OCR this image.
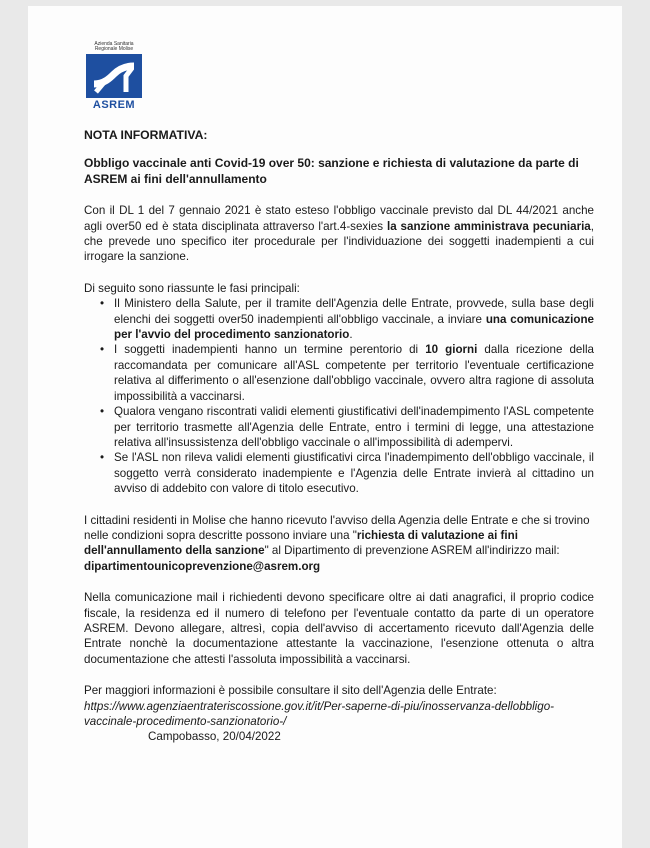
Azienda Sanitaria
Regionale Molise
ASREM

NOTA INFORMATIVA:

Obbligo vaccinale anti Covid-19 over 50: sanzione e richiesta di valutazione da parte di ASREM ai fini dell'annullamento

Con il DL 1 del 7 gennaio 2021 è stato esteso l'obbligo vaccinale previsto dal DL 44/2021 anche agli over50 ed è stata disciplinata attraverso l'art.4-sexies la sanzione amministrava pecuniaria, che prevede uno specifico iter procedurale per l'individuazione dei soggetti inadempienti a cui irrogare la sanzione.

Di seguito sono riassunte le fasi principali:

• Il Ministero della Salute, per il tramite dell'Agenzia delle Entrate, provvede, sulla base degli elenchi dei soggetti over50 inadempienti all'obbligo vaccinale, a inviare una comunicazione per l'avvio del procedimento sanzionatorio.
• I soggetti inadempienti hanno un termine perentorio di 10 giorni dalla ricezione della raccomandata per comunicare all'ASL competente per territorio l'eventuale certificazione relativa al differimento o all'esenzione dall'obbligo vaccinale, ovvero altra ragione di assoluta impossibilità a vaccinarsi.
• Qualora vengano riscontrati validi elementi giustificativi dell'inadempimento l'ASL competente per territorio trasmette all'Agenzia delle Entrate, entro i termini di legge, una attestazione relativa all'insussistenza dell'obbligo vaccinale o all'impossibilità di adempervi.
• Se l'ASL non rileva validi elementi giustificativi circa l'inadempimento dell'obbligo vaccinale, il soggetto verrà considerato inadempiente e l'Agenzia delle Entrate invierà al cittadino un avviso di addebito con valore di titolo esecutivo.

I cittadini residenti in Molise che hanno ricevuto l'avviso della Agenzia delle Entrate e che si trovino nelle condizioni sopra descritte possono inviare una "richiesta di valutazione ai fini dell'annullamento della sanzione" al Dipartimento di prevenzione ASREM all'indirizzo mail: dipartimentounicoprevenzione@asrem.org

Nella comunicazione mail i richiedenti devono specificare oltre ai dati anagrafici, il proprio codice fiscale, la residenza ed il numero di telefono per l'eventuale contatto da parte di un operatore ASREM. Devono allegare, altresì, copia dell'avviso di accertamento ricevuto dall'Agenzia delle Entrate nonchè la documentazione attestante la vaccinazione, l'esenzione ottenuta o altra documentazione che attesti l'assoluta impossibilità a vaccinarsi.

Per maggiori informazioni è possibile consultare il sito dell'Agenzia delle Entrate:

https://www.agenziaentrateriscossione.gov.it/it/Per-saperne-di-piu/inosservanza-dellobbligo-vaccinale-procedimento-sanzionatorio-/

Campobasso, 20/04/2022
